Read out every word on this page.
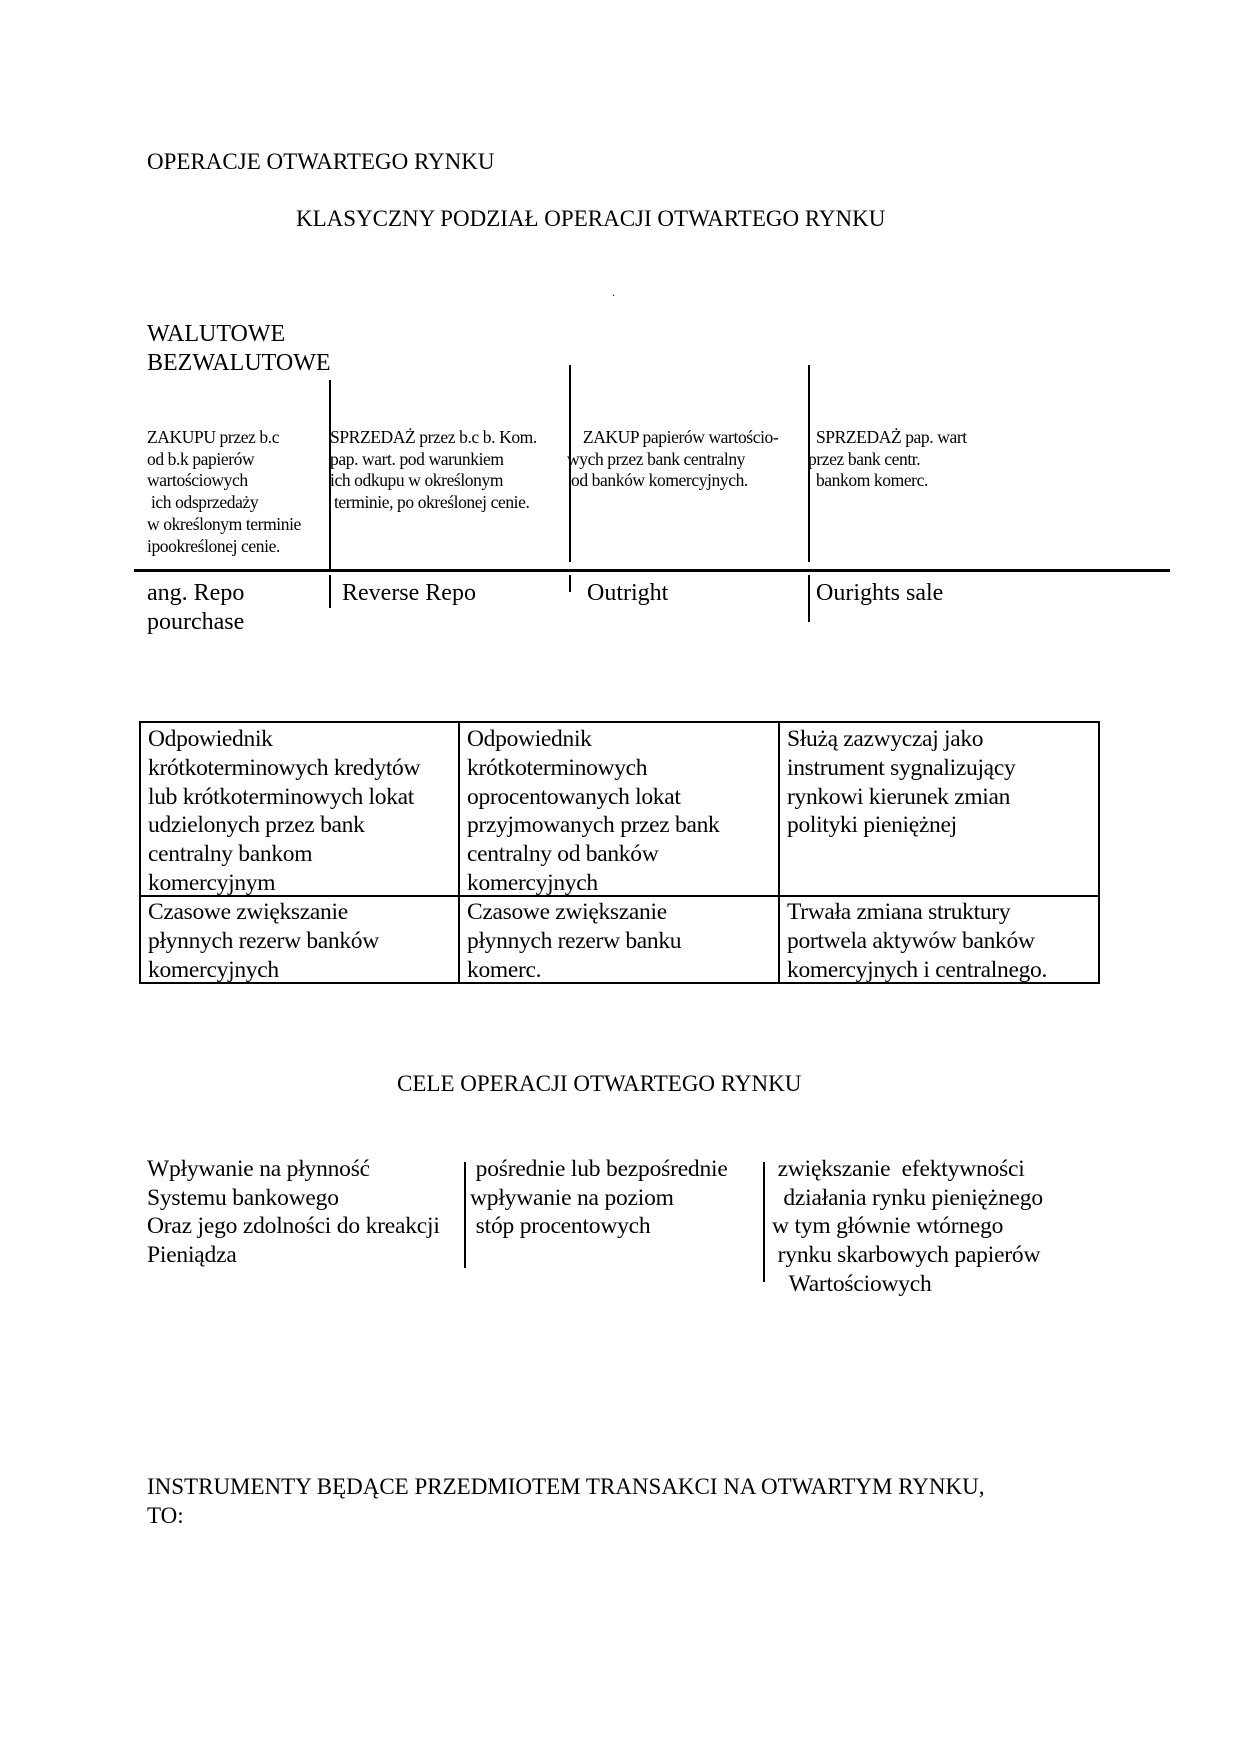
OPERACJE OTWARTEGO RYNKU
KLASYCZNY PODZIAŁ OPERACJI OTWARTEGO RYNKU
.
WALUTOWE
BEZWALUTOWE
ZAKUPU przez b.c
od b.k papierów
wartościowych
ich odsprzedaży
w określonym terminie
ipookreślonej cenie.
SPRZEDAŻ przez b.c b. Kom.
pap. wart. pod warunkiem
ich odkupu w określonym
terminie, po określonej cenie.
ZAKUP papierów wartościo-
wych przez bank centralny
od banków komercyjnych.
SPRZEDAŻ pap. wart
przez bank centr.
bankom komerc.
ang. Repo
pourchase
Reverse Repo	Outright	Ourights sale
Odpowiednik
krótkoterminowych kredytów
lub krótkoterminowych lokat
udzielonych przez bank
centralny bankom
komercyjnym
Odpowiednik
krótkoterminowych
oprocentowanych lokat
przyjmowanych przez bank
centralny od banków
komercyjnych
Służą zazwyczaj jako
instrument sygnalizujący
rynkowi kierunek zmian
polityki pieniężnej
Czasowe zwiększanie
płynnych rezerw banków
komercyjnych
Czasowe zwiększanie
płynnych rezerw banku
komerc.
Trwała zmiana struktury
portwela aktywów banków
komercyjnych i centralnego.
CELE OPERACJI OTWARTEGO RYNKU
Wpływanie na płynność
Systemu bankowego
Oraz jego zdolności do kreakcji
Pieniądza
pośrednie lub bezpośrednie
wpływanie na poziom
stóp procentowych
zwiększanie  efektywności
działania rynku pieniężnego
w tym głównie wtórnego
rynku skarbowych papierów
Wartościowych
INSTRUMENTY BĘDĄCE PRZEDMIOTEM TRANSAKCI NA OTWARTYM RYNKU,
TO:
